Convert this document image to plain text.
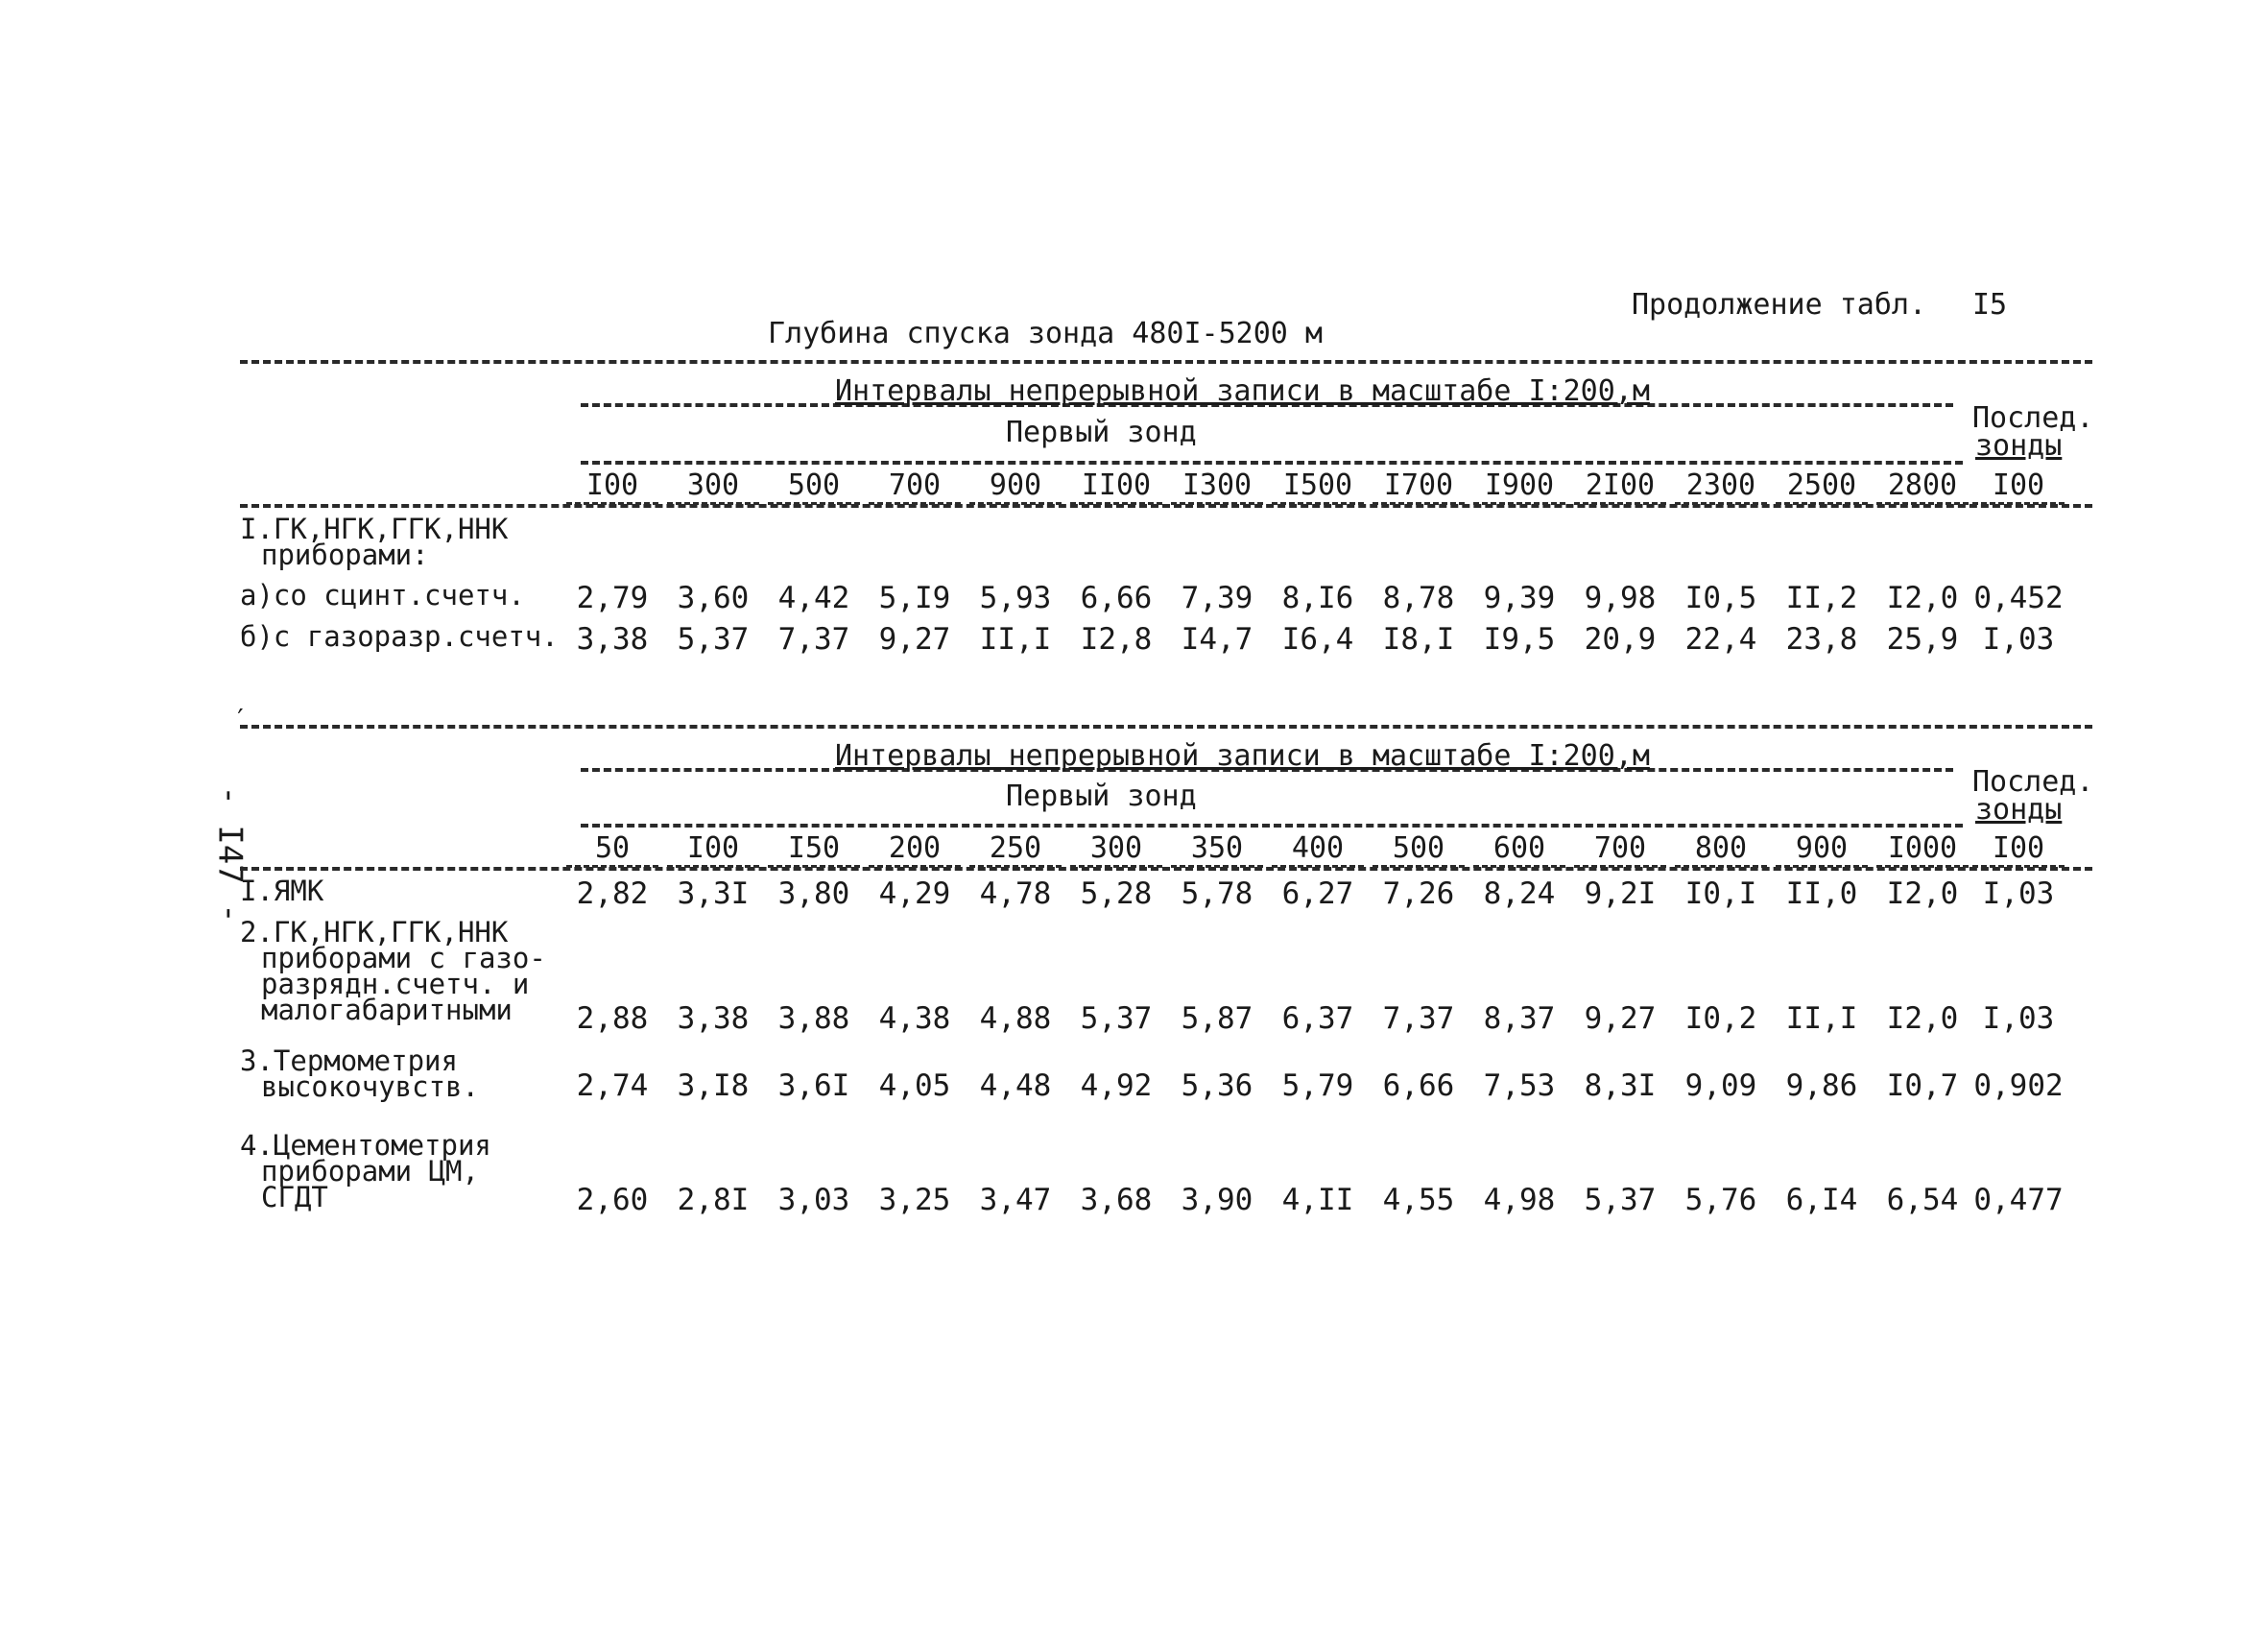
Продолжение табл. I5
Глубина спуска зонда 480I-5200 м
- I47 -
Интервалы непрерывной записи в масштабе I:200,м
Первый зонд	Послед.
зонды
I00	300	500	700	900	II00	I300	I500	I700	I900	2I00	2300	2500	2800	I00
I.ГК,НГК,ГГК,ННК
приборами:
а)со сцинт.счетч.	2,79 3,60 4,42 5,I9 5,93 6,66 7,39 8,I6 8,78 9,39 9,98 I0,5 II,2 I2,0 0,452
б)с газоразр.счетч. 3,38 5,37 7,37 9,27 II,I I2,8 I4,7 I6,4 I8,I I9,5 20,9 22,4 23,8 25,9 I,03
′
Интервалы непрерывной записи в масштабе I:200,м
Первый зонд	Послед.
зонды
50	I00	I50	200	250	300	350	400	500	600	700	800	900	I000	I00
I.ЯМК	2,82 3,3I 3,80 4,29 4,78 5,28 5,78 6,27 7,26 8,24 9,2I I0,I II,0 I2,0 I,03
2.ГК,НГК,ГГК,ННК
приборами с газо-
разрядн.счетч. и
малогабаритными	2,88 3,38 3,88 4,38 4,88 5,37 5,87 6,37 7,37 8,37 9,27 I0,2 II,I I2,0 I,03
3.Термометрия
высокочувств.	2,74 3,I8 3,6I 4,05 4,48 4,92 5,36 5,79 6,66 7,53 8,3I 9,09 9,86 I0,7 0,902
4.Цементометрия
приборами ЦМ,
СГДТ	2,60 2,8I 3,03 3,25 3,47 3,68 3,90 4,II 4,55 4,98 5,37 5,76 6,I4 6,54 0,477
